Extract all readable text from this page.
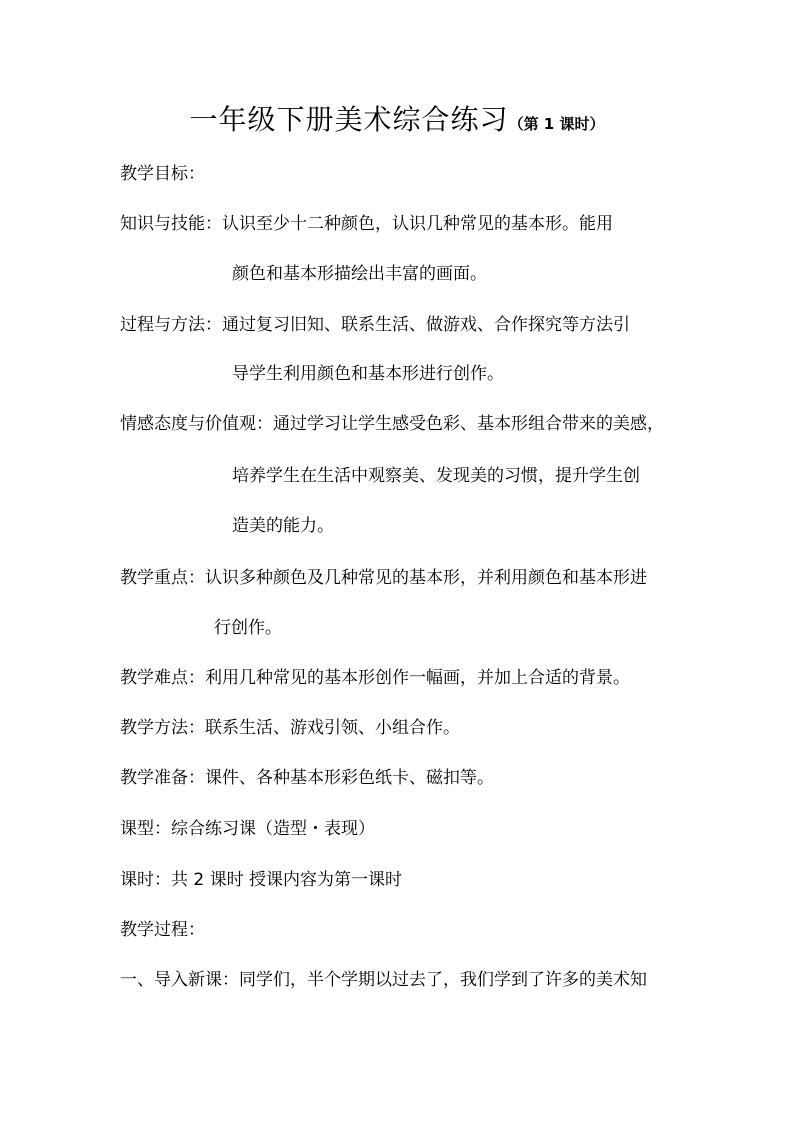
一年级下册美术综合练习（第 1 课时）
教学目标：
知识与技能：认识至少十二种颜色，认识几种常见的基本形。能用
颜色和基本形描绘出丰富的画面。
过程与方法：通过复习旧知、联系生活、做游戏、合作探究等方法引
导学生利用颜色和基本形进行创作。
情感态度与价值观：通过学习让学生感受色彩、基本形组合带来的美感，
培养学生在生活中观察美、发现美的习惯，提升学生创
造美的能力。
教学重点：认识多种颜色及几种常见的基本形，并利用颜色和基本形进
行创作。
教学难点：利用几种常见的基本形创作一幅画，并加上合适的背景。
教学方法：联系生活、游戏引领、小组合作。
教学准备：课件、各种基本形彩色纸卡、磁扣等。
课型：综合练习课（造型・表现）
课时：共 2 课时 授课内容为第一课时
教学过程：
一、导入新课：同学们，半个学期以过去了，我们学到了许多的美术知
